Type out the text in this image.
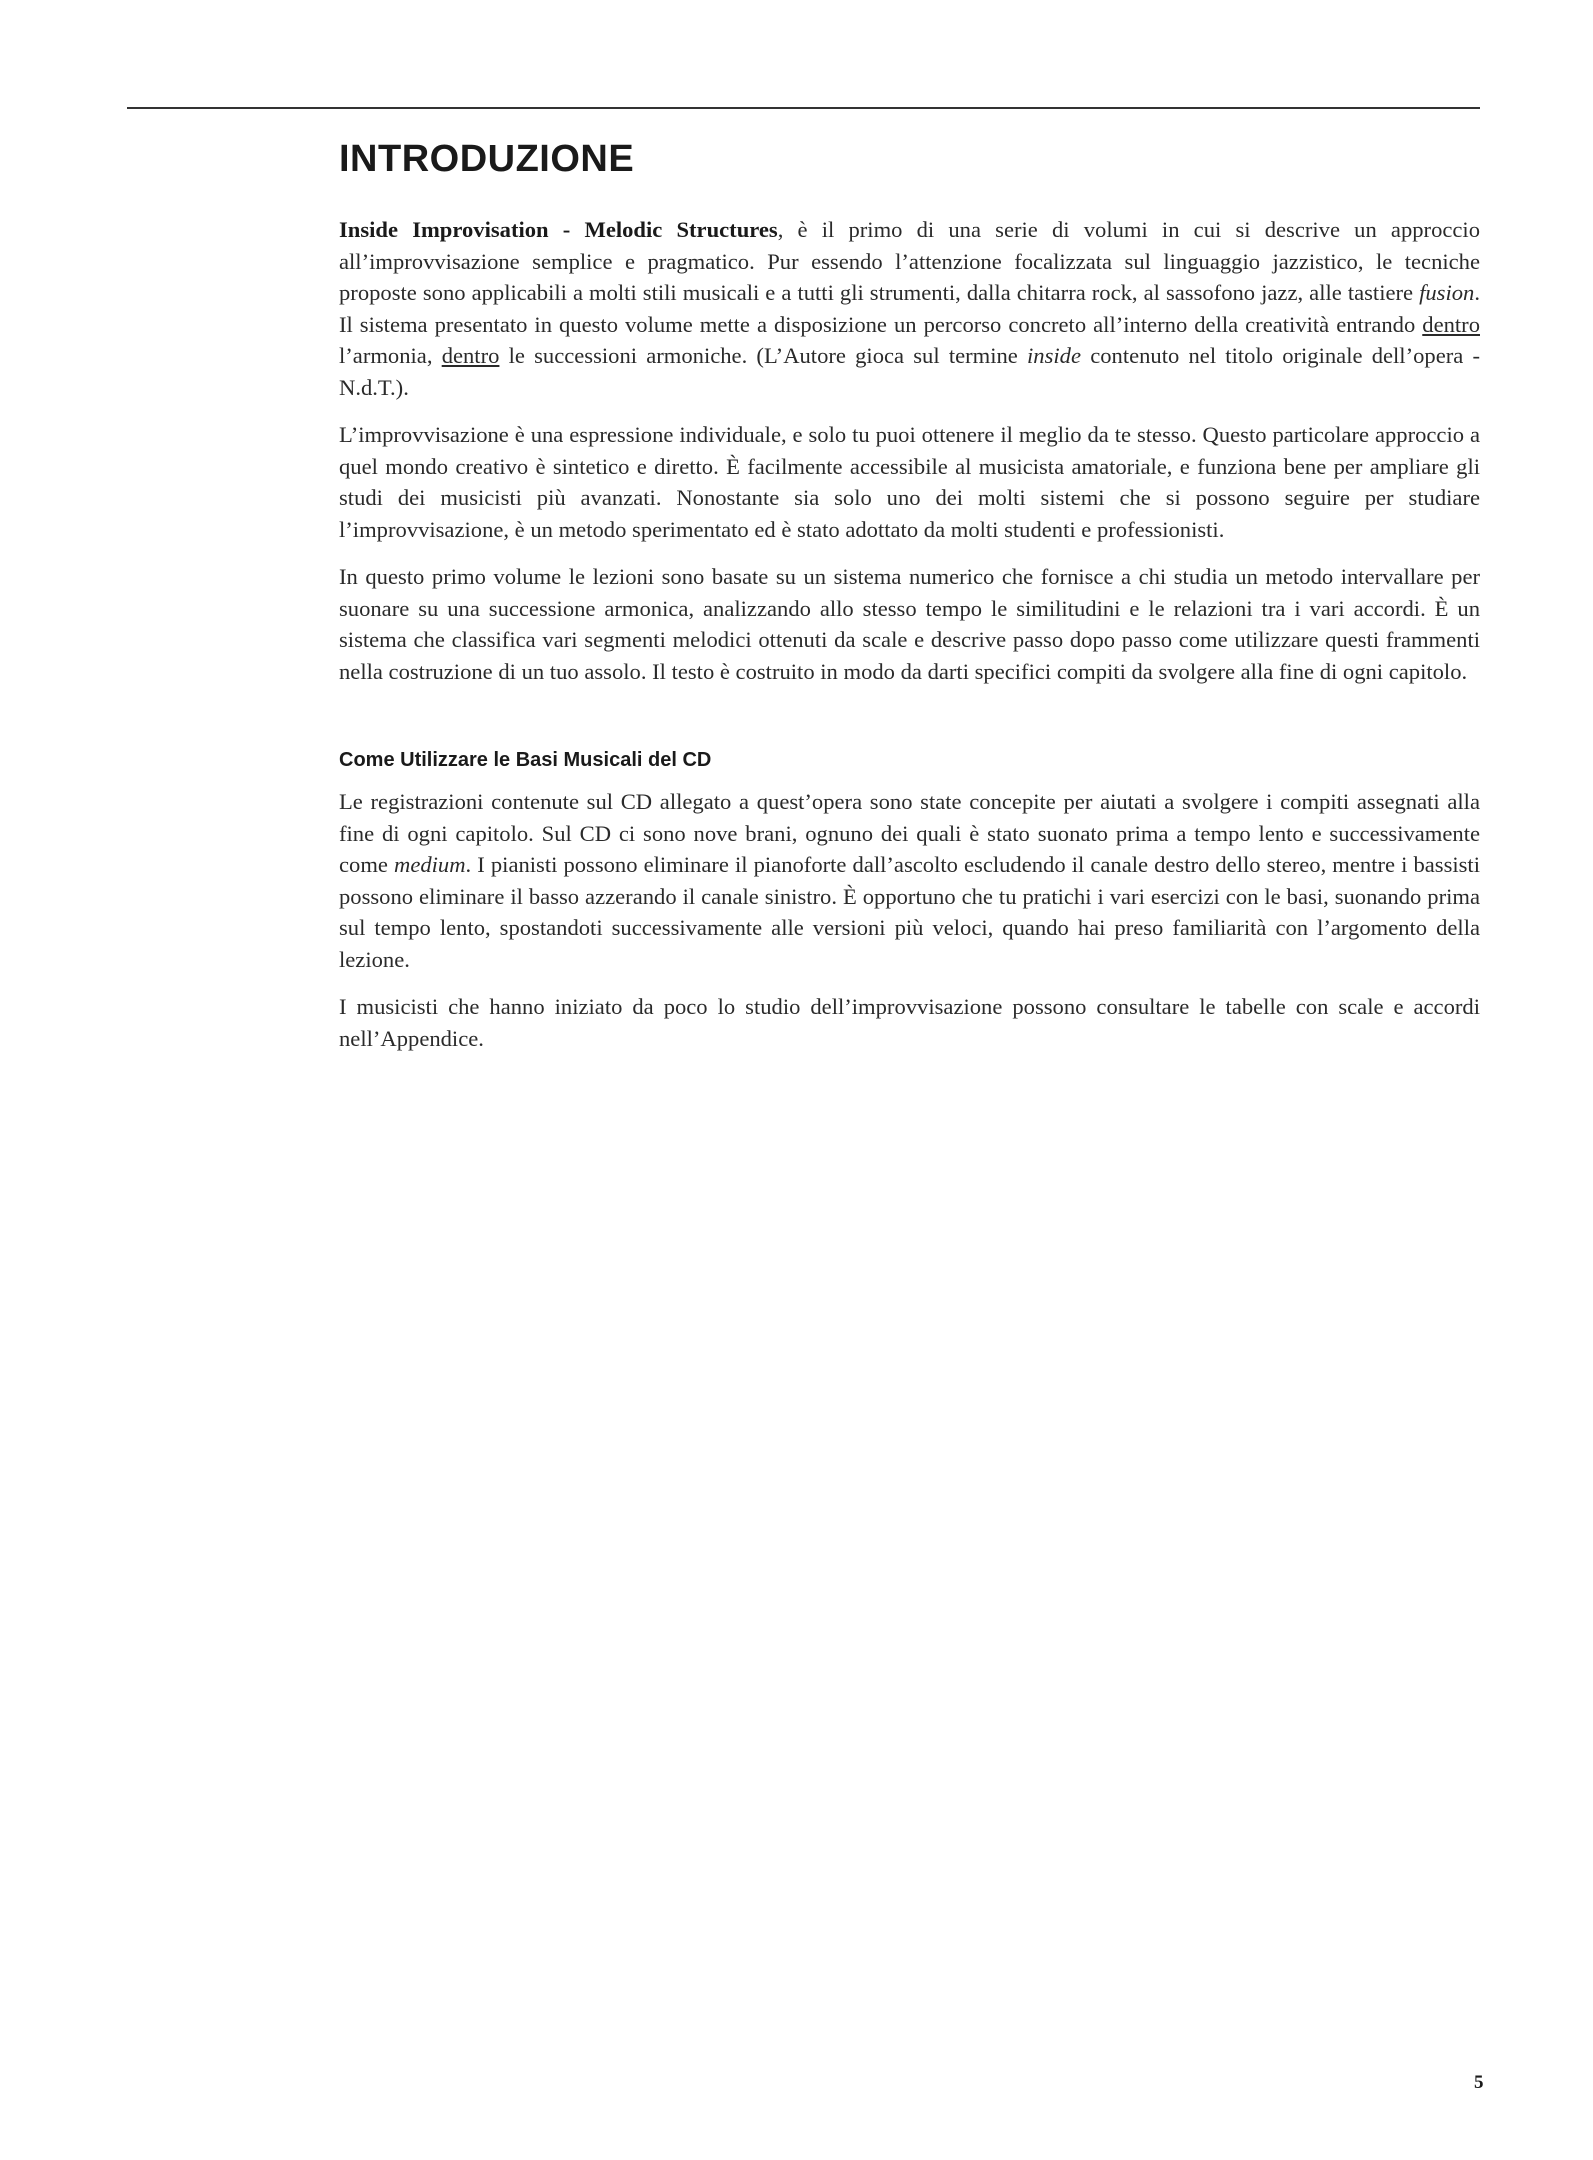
INTRODUZIONE

Inside Improvisation - Melodic Structures, è il primo di una serie di volumi in cui si descrive un approccio all’improvvisazione semplice e pragmatico. Pur essendo l’attenzione focalizzata sul linguaggio jazzistico, le tecniche proposte sono applicabili a molti stili musicali e a tutti gli strumenti, dalla chitarra rock, al sassofono jazz, alle tastiere fusion. Il sistema presentato in questo volume mette a disposizione un percorso concreto all’interno della creatività entrando dentro l’armonia, dentro le successioni armoniche. (L’Autore gioca sul termine inside contenuto nel titolo originale dell’opera - N.d.T.).

L’improvvisazione è una espressione individuale, e solo tu puoi ottenere il meglio da te stesso. Questo particolare approccio a quel mondo creativo è sintetico e diretto. È facilmente accessibile al musicista amatoriale, e funziona bene per ampliare gli studi dei musicisti più avanzati. Nonostante sia solo uno dei molti sistemi che si possono seguire per studiare l’improvvisazione, è un metodo sperimentato ed è stato adottato da molti studenti e professionisti.

In questo primo volume le lezioni sono basate su un sistema numerico che fornisce a chi studia un metodo intervallare per suonare su una successione armonica, analizzando allo stesso tempo le similitudini e le relazioni tra i vari accordi. È un sistema che classifica vari segmenti melodici ottenuti da scale e descrive passo dopo passo come utilizzare questi frammenti nella costruzione di un tuo assolo. Il testo è costruito in modo da darti specifici compiti da svolgere alla fine di ogni capitolo.

Come Utilizzare le Basi Musicali del CD

Le registrazioni contenute sul CD allegato a quest’opera sono state concepite per aiutati a svolgere i compiti assegnati alla fine di ogni capitolo. Sul CD ci sono nove brani, ognuno dei quali è stato suonato prima a tempo lento e successivamente come medium. I pianisti possono eliminare il pianoforte dall’ascolto escludendo il canale destro dello stereo, mentre i bassisti possono eliminare il basso azzerando il canale sinistro. È opportuno che tu pratichi i vari esercizi con le basi, suonando prima sul tempo lento, spostandoti successivamente alle versioni più veloci, quando hai preso familiarità con l’argomento della lezione.

I musicisti che hanno iniziato da poco lo studio dell’improvvisazione possono consultare le tabelle con scale e accordi nell’Appendice.

5
